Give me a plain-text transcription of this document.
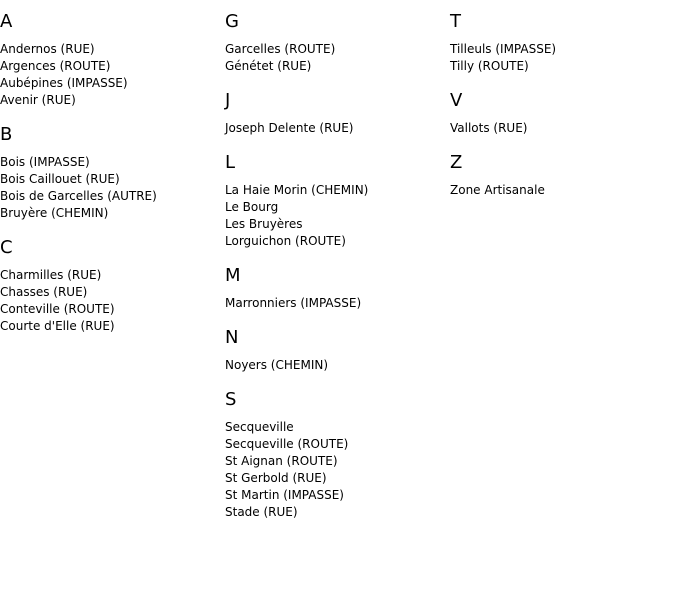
A
Andernos (RUE)
Argences (ROUTE)
Aubépines (IMPASSE)
Avenir (RUE)
B
Bois (IMPASSE)
Bois Caillouet (RUE)
Bois de Garcelles (AUTRE)
Bruyère (CHEMIN)
C
Charmilles (RUE)
Chasses (RUE)
Conteville (ROUTE)
Courte d'Elle (RUE)
G
Garcelles (ROUTE)
Génétet (RUE)
J
Joseph Delente (RUE)
L
La Haie Morin (CHEMIN)
Le Bourg
Les Bruyères
Lorguichon (ROUTE)
M
Marronniers (IMPASSE)
N
Noyers (CHEMIN)
S
Secqueville
Secqueville (ROUTE)
St Aignan (ROUTE)
St Gerbold (RUE)
St Martin (IMPASSE)
Stade (RUE)
T
Tilleuls (IMPASSE)
Tilly (ROUTE)
V
Vallots (RUE)
Z
Zone Artisanale
